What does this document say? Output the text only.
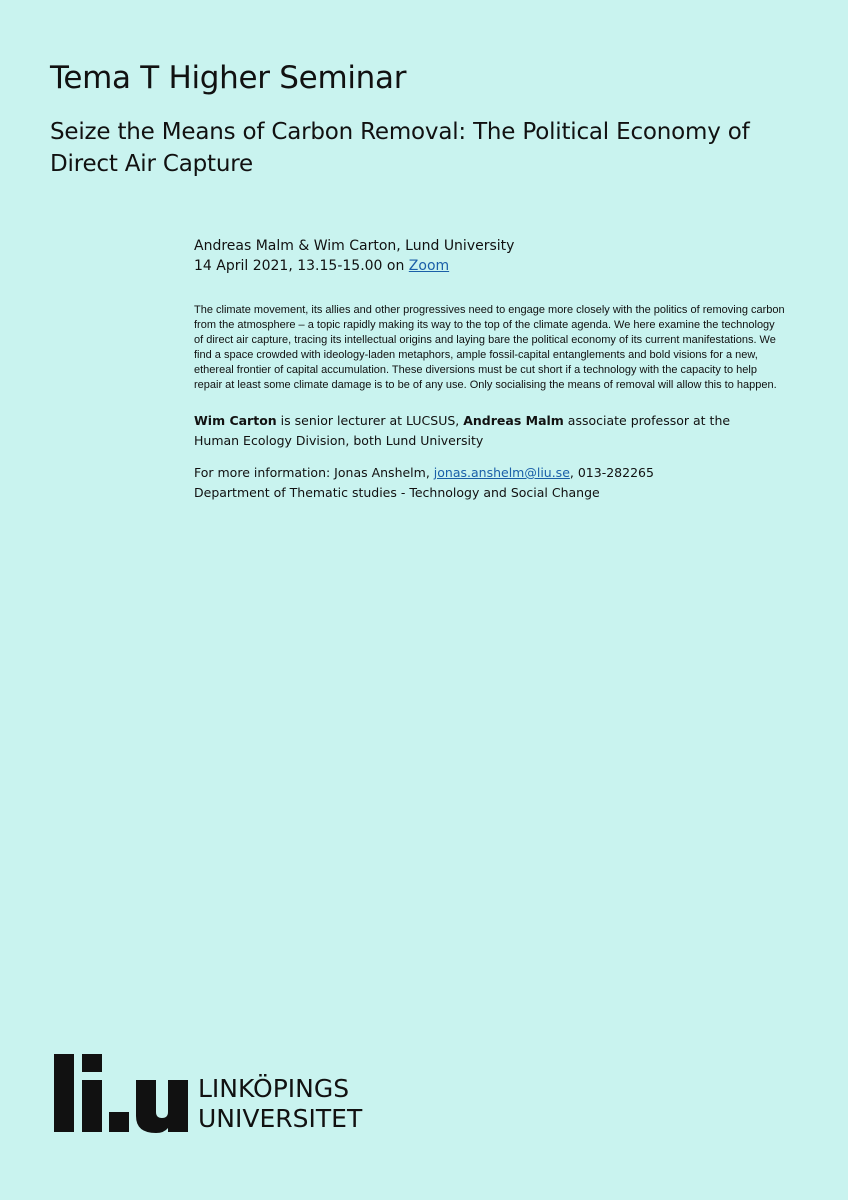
Tema T Higher Seminar
Seize the Means of Carbon Removal: The Political Economy of Direct Air Capture

Andreas Malm & Wim Carton, Lund University

14 April 2021, 13.15-15.00 on Zoom

The climate movement, its allies and other progressives need to engage more closely with the politics of removing carbon from the atmosphere – a topic rapidly making its way to the top of the climate agenda. We here examine the technology of direct air capture, tracing its intellectual origins and laying bare the political economy of its current manifestations. We find a space crowded with ideology-laden metaphors, ample fossil-capital entanglements and bold visions for a new, ethereal frontier of capital accumulation. These diversions must be cut short if a technology with the capacity to help repair at least some climate damage is to be of any use. Only socialising the means of removal will allow this to happen.

Wim Carton is senior lecturer at LUCSUS, Andreas Malm associate professor at the Human Ecology Division, both Lund University

For more information: Jonas Anshelm, jonas.anshelm@liu.se, 013-282265
Department of Thematic studies - Technology and Social Change

LINKÖPINGS
UNIVERSITET
